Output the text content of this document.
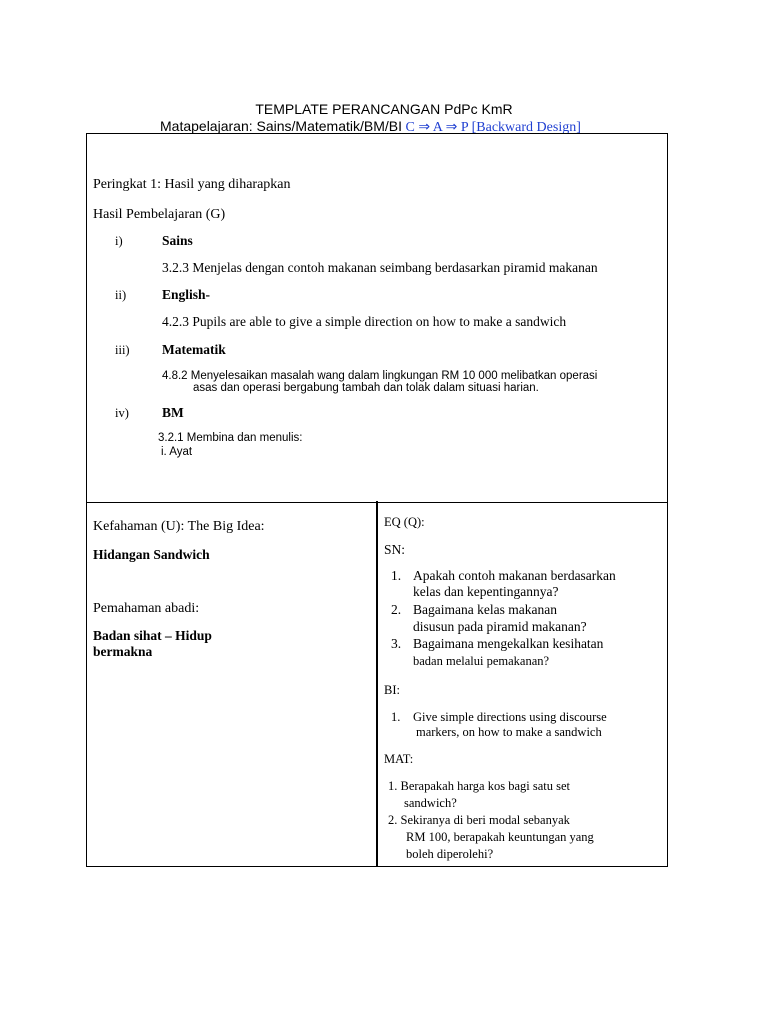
TEMPLATE PERANCANGAN PdPc KmR
Matapelajaran: Sains/Matematik/BM/BI C ⇒ A ⇒ P [Backward Design]
Peringkat 1: Hasil yang diharapkan
Hasil Pembelajaran (G)
i)	Sains
3.2.3 Menjelas dengan contoh makanan seimbang berdasarkan piramid makanan
ii)	English-
4.2.3 Pupils are able to give a simple direction on how to make a sandwich
iii) Matematik
4.8.2 Menyelesaikan masalah wang dalam lingkungan RM 10 000 melibatkan operasi
asas dan operasi bergabung tambah dan tolak dalam situasi harian.
iv) BM
3.2.1 Membina dan menulis:
i. Ayat
Kefahaman (U): The Big Idea:
Hidangan Sandwich
Pemahaman abadi:
Badan sihat – Hidup
bermakna
EQ (Q):
SN:
1. Apakah contoh makanan berdasarkan
kelas dan kepentingannya?
2. Bagaimana kelas makanan
disusun pada piramid makanan?
3. Bagaimana mengekalkan kesihatan
badan melalui pemakanan?
BI:
1. Give simple directions using discourse
markers, on how to make a sandwich
MAT:
1. Berapakah harga kos bagi satu set
sandwich?
2. Sekiranya di beri modal sebanyak
RM 100, berapakah keuntungan yang
boleh diperolehi?
